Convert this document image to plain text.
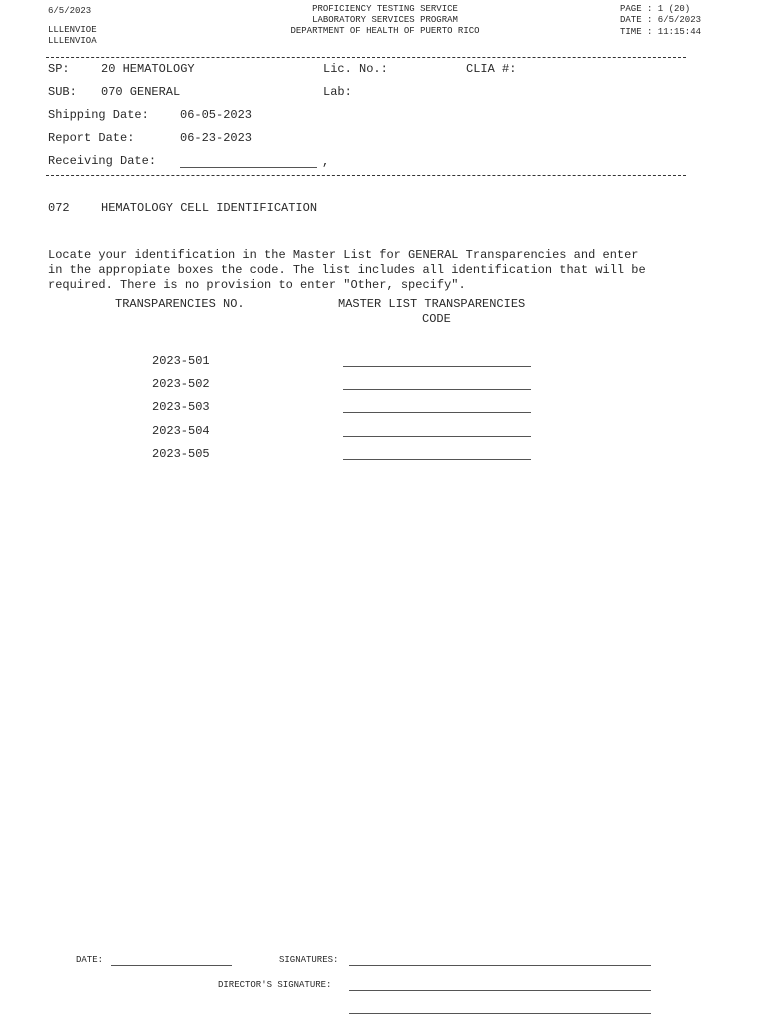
6/5/2023
LLLENVIOE
LLLENVIOA
PROFICIENCY TESTING SERVICE
LABORATORY SERVICES PROGRAM
DEPARTMENT OF HEALTH OF PUERTO RICO
PAGE : 1 (20)
DATE : 6/5/2023
TIME : 11:15:44
SP:	20 HEMATOLOGY	Lic. No.:	CLIA #:
SUB: 070 GENERAL	Lab:
Shipping Date:	06-05-2023
Report Date:	06-23-2023
Receiving Date:	,
072	HEMATOLOGY CELL IDENTIFICATION
Locate your identification in the Master List for GENERAL Transparencies and enter
in the appropiate boxes the code. The list includes all identification that will be
required. There is no provision to enter "Other, specify".
TRANSPARENCIES NO.	MASTER LIST TRANSPARENCIES
CODE
2023-501
2023-502
2023-503
2023-504
2023-505
DATE:	SIGNATURES:
DIRECTOR'S SIGNATURE:
